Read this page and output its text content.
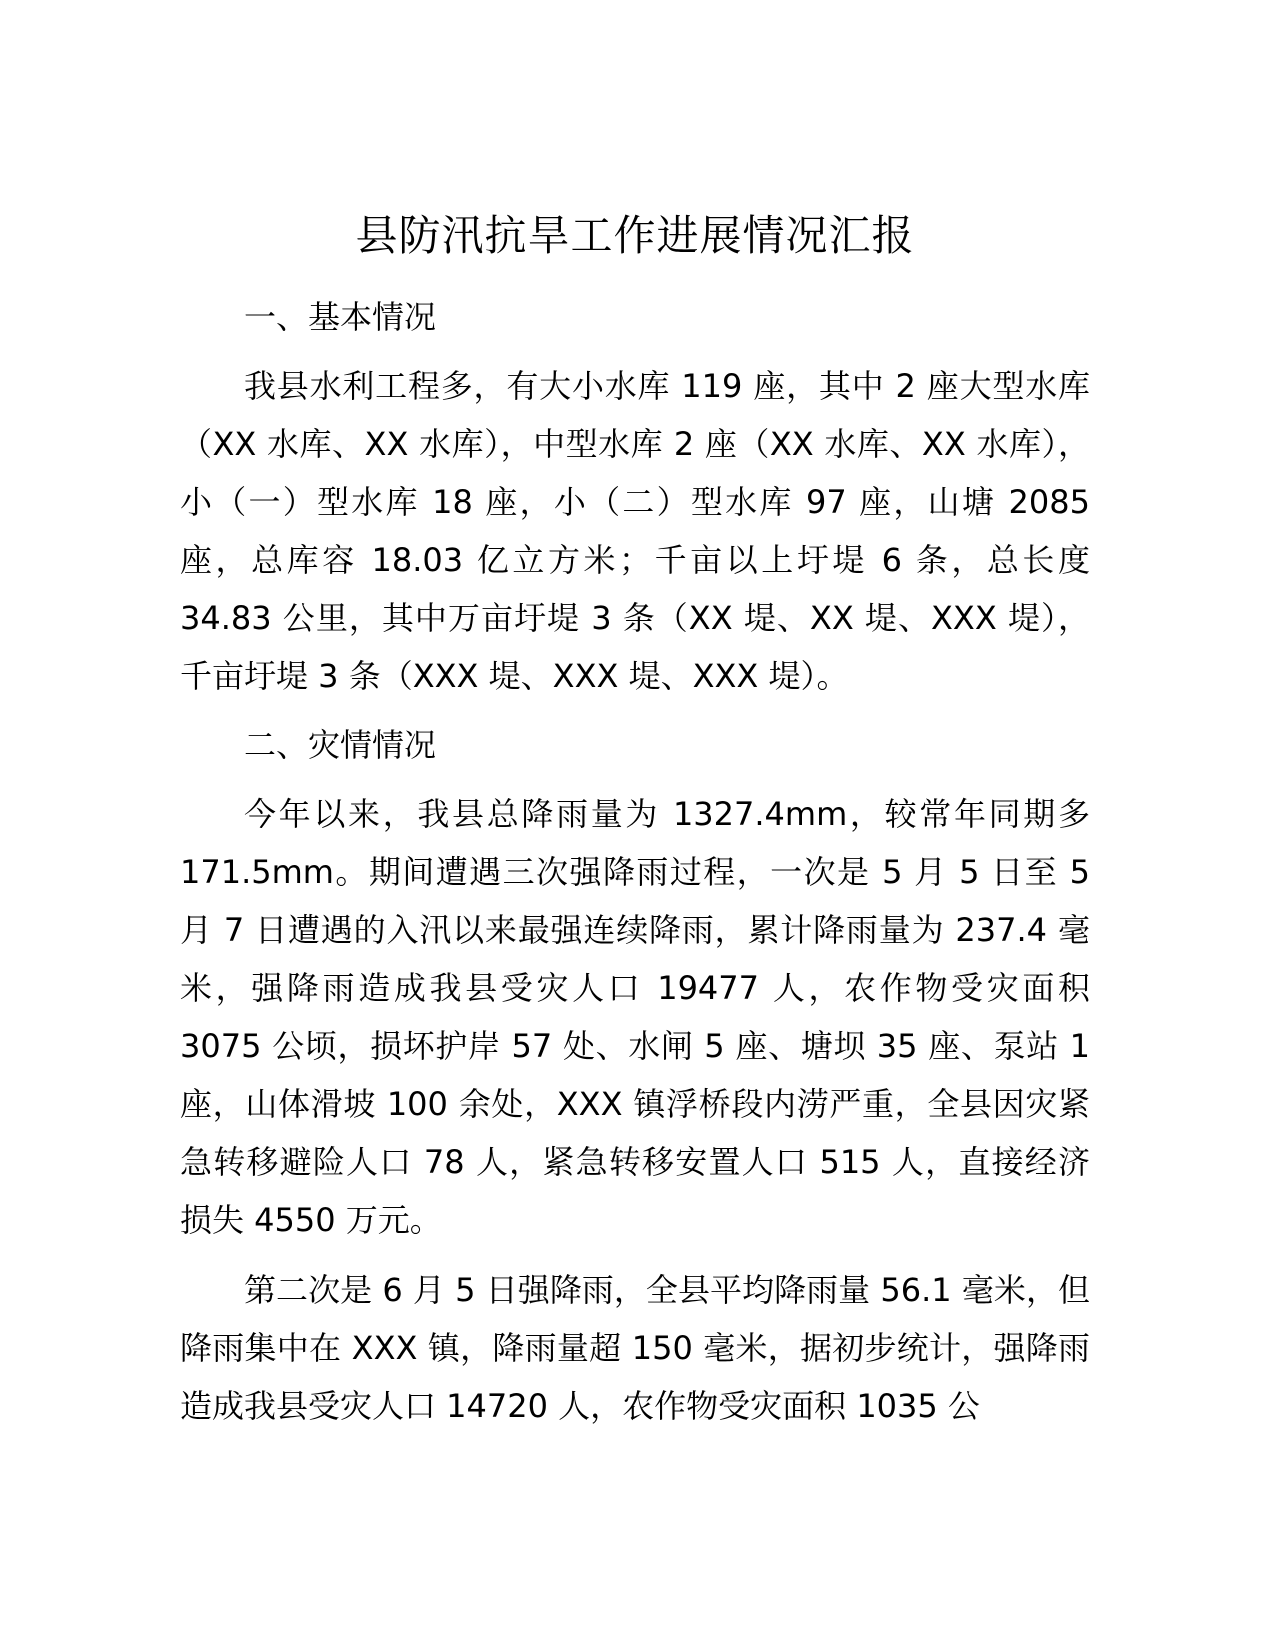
县防汛抗旱工作进展情况汇报

一、基本情况

我县水利工程多，有大小水库 119 座，其中 2 座大型水库（XX 水库、XX 水库），中型水库 2 座（XX 水库、XX 水库），小（一）型水库 18 座，小（二）型水库 97 座，山塘 2085 座，总库容 18.03 亿立方米；千亩以上圩堤 6 条，总长度 34.83 公里，其中万亩圩堤 3 条（XX 堤、XX 堤、XXX 堤），千亩圩堤 3 条（XXX 堤、XXX 堤、XXX 堤）。

二、灾情情况

今年以来，我县总降雨量为 1327.4mm，较常年同期多 171.5mm。期间遭遇三次强降雨过程，一次是 5 月 5 日至 5 月 7 日遭遇的入汛以来最强连续降雨，累计降雨量为 237.4 毫米，强降雨造成我县受灾人口 19477 人，农作物受灾面积 3075 公顷，损坏护岸 57 处、水闸 5 座、塘坝 35 座、泵站 1 座，山体滑坡 100 余处，XXX 镇浮桥段内涝严重，全县因灾紧急转移避险人口 78 人，紧急转移安置人口 515 人，直接经济损失 4550 万元。

第二次是 6 月 5 日强降雨，全县平均降雨量 56.1 毫米，但降雨集中在 XXX 镇，降雨量超 150 毫米，据初步统计，强降雨造成我县受灾人口 14720 人，农作物受灾面积 1035 公
